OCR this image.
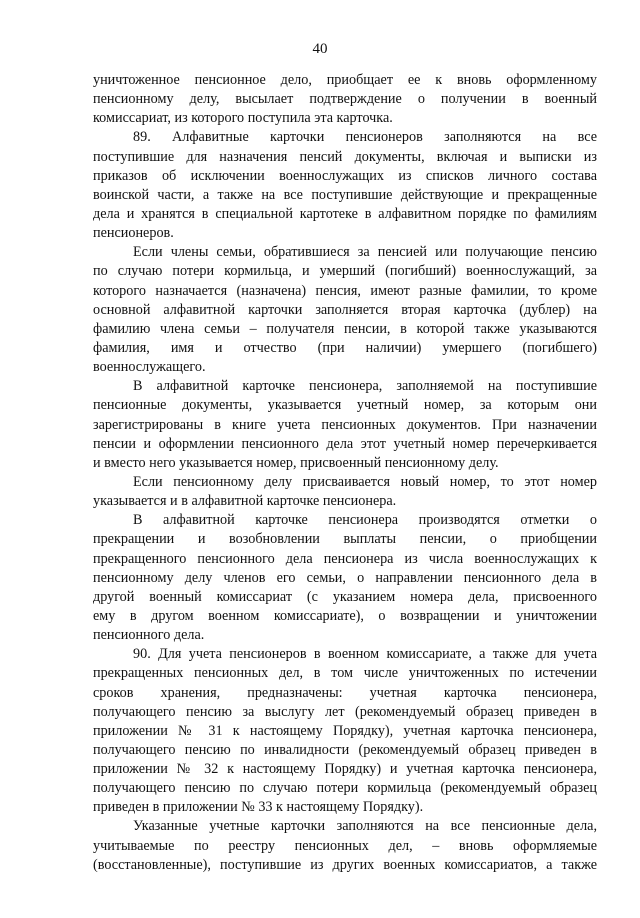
40
уничтоженное пенсионное дело, приобщает ее к вновь оформленному
пенсионному делу, высылает подтверждение о получении в военный
комиссариат, из которого поступила эта карточка.
89. Алфавитные карточки пенсионеров заполняются на все
поступившие для назначения пенсий документы, включая и выписки из
приказов об исключении военнослужащих из списков личного состава
воинской части, а также на все поступившие действующие и прекращенные
дела и хранятся в специальной картотеке в алфавитном порядке по фамилиям
пенсионеров.
Если члены семьи, обратившиеся за пенсией или получающие пенсию
по случаю потери кормильца, и умерший (погибший) военнослужащий, за
которого назначается (назначена) пенсия, имеют разные фамилии, то кроме
основной алфавитной карточки заполняется вторая карточка (дублер) на
фамилию члена семьи – получателя пенсии, в которой также указываются
фамилия, имя и отчество (при наличии) умершего (погибшего)
военнослужащего.
В алфавитной карточке пенсионера, заполняемой на поступившие
пенсионные документы, указывается учетный номер, за которым они
зарегистрированы в книге учета пенсионных документов. При назначении
пенсии и оформлении пенсионного дела этот учетный номер перечеркивается
и вместо него указывается номер, присвоенный пенсионному делу.
Если пенсионному делу присваивается новый номер, то этот номер
указывается и в алфавитной карточке пенсионера.
В алфавитной карточке пенсионера производятся отметки о
прекращении и возобновлении выплаты пенсии, о приобщении
прекращенного пенсионного дела пенсионера из числа военнослужащих к
пенсионному делу членов его семьи, о направлении пенсионного дела в
другой военный комиссариат (с указанием номера дела, присвоенного
ему в другом военном комиссариате), о возвращении и уничтожении
пенсионного дела.
90. Для учета пенсионеров в военном комиссариате, а также для учета
прекращенных пенсионных дел, в том числе уничтоженных по истечении
сроков хранения, предназначены: учетная карточка пенсионера,
получающего пенсию за выслугу лет (рекомендуемый образец приведен в
приложении № 31 к настоящему Порядку), учетная карточка пенсионера,
получающего пенсию по инвалидности (рекомендуемый образец приведен в
приложении № 32 к настоящему Порядку) и учетная карточка пенсионера,
получающего пенсию по случаю потери кормильца (рекомендуемый образец
приведен в приложении № 33 к настоящему Порядку).
Указанные учетные карточки заполняются на все пенсионные дела,
учитываемые по реестру пенсионных дел, – вновь оформляемые
(восстановленные), поступившие из других военных комиссариатов, а также
